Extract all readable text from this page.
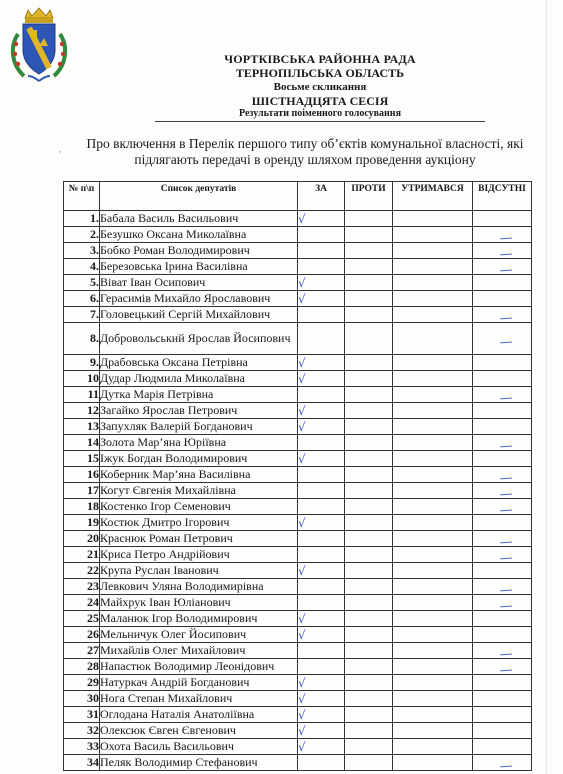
ЧОРТКІВСЬКА РАЙОННА РАДА
ТЕРНОПІЛЬСЬКА ОБЛАСТЬ
Восьме скликання
ШІСТНАДЦЯТА СЕСІЯ
Результати поіменного голосування
‚	Про включення в Перелік першого типу об’єктів комунальної власності, які підлягають передачі в оренду шляхом проведення аукціону
№ п\п	Список депутатів	ЗА	ПРОТИ	УТРИМАВСЯ	ВІДСУТНІ
1.	Бабала Василь Васильович	√			
2.	Безушко Оксана Миколаївна				
3.	Бобко Роман Володимирович				
4.	Березовська Ірина Василівна				
5.	Віват Іван Осипович	√			
6.	Герасимів Михайло Ярославович	√			
7.	Головецький Сергій Михайлович				
8.	Добровольський Ярослав Йосипович				
9.	Драбовська Оксана Петрівна	√			
10	Дудар Людмила Миколаївна	√			
11	Дутка Марія Петрівна				
12	Загайко Ярослав Петрович	√			
13	Запухляк Валерій Богданович	√			
14	Золота Мар’яна Юріївна				
15	Іжук Богдан Володимирович	√			
16	Коберник Мар’яна Василівна				
17	Когут Євгенія Михайлівна				
18	Костенко Ігор Семенович				
19	Костюк Дмитро Ігорович	√			
20	Краснюк Роман Петрович				
21	Криса Петро Андрійович				
22	Крупа Руслан Іванович	√			
23	Левкович Уляна Володимирівна				
24	Майхрук Іван Юліанович				
25	Маланюк Ігор Володимирович	√			
26	Мельничук Олег Йосипович	√			
27	Михайлів Олег Михайлович				
28	Напастюк Володимир Леонідович				
29	Натуркач Андрій Богданович	√			
30	Нога Степан Михайлович	√			
31	Оглодана Наталія Анатоліївна	√			
32	Олексюк Євген Євгенович	√			
33	Охота Василь Васильович	√			
34	Пеляк Володимир Стефанович				
